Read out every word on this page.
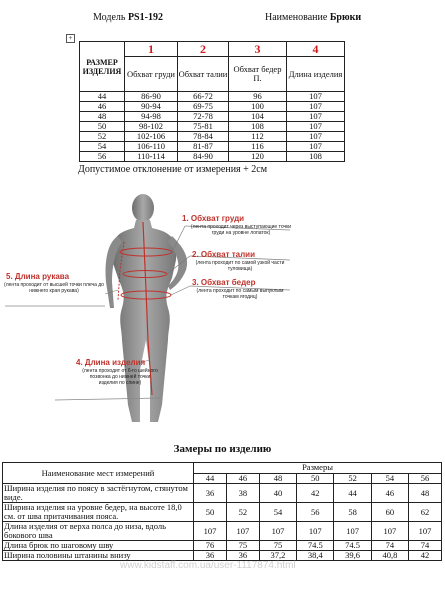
Модель PS1-192	Наименование Брюки
+
РАЗМЕР ИЗДЕЛИЯ	1	2	3	4
	Обхват груди	Обхват талии	Обхват бедер П.	Длина изделия
44	86-90	66-72	96	107
46	90-94	69-75	100	107
48	94-98	72-78	104	107
50	98-102	75-81	108	107
52	102-106	78-84	112	107
54	106-110	81-87	116	107
56	110-114	84-90	120	108
Допустимое отклонение от измерения + 2см
1. Обхват груди
(лента проходит через выступающие точки груди на уровне лопаток)
2. Обхват талии
(лента проходит по самой узкой части туловища)
3. Обхват бедер
(лента проходит по самым выпуклым точкам ягодиц)
5. Длина рукава
(лента проходит от высшей точки плеча до нижнего края рукава)
4. Длина изделия
(лента проходит от 6-го шейного позвонка до нижней точки изделия по спине)
Замеры по изделию
Наименование мест измерений	Размеры						
	44	46	48	50	52	54	56
Ширина изделия по поясу в застёгнутом, стянутом виде.	36	38	40	42	44	46	48
Ширина изделия на уровне бедер, на высоте 18,0 см. от шва притачивания пояса.	50	52	54	56	58	60	62
Длина изделия от верха полса до низа, вдоль бокового шва	107	107	107	107	107	107	107
Длина брюк по шаговому шву	76	75	75	74.5	74.5	74	74
Ширина половины штанины внизу	36	36	37,2	38,4	39,6	40,8	42
www.kidstaff.com.ua/user-1117874.html
